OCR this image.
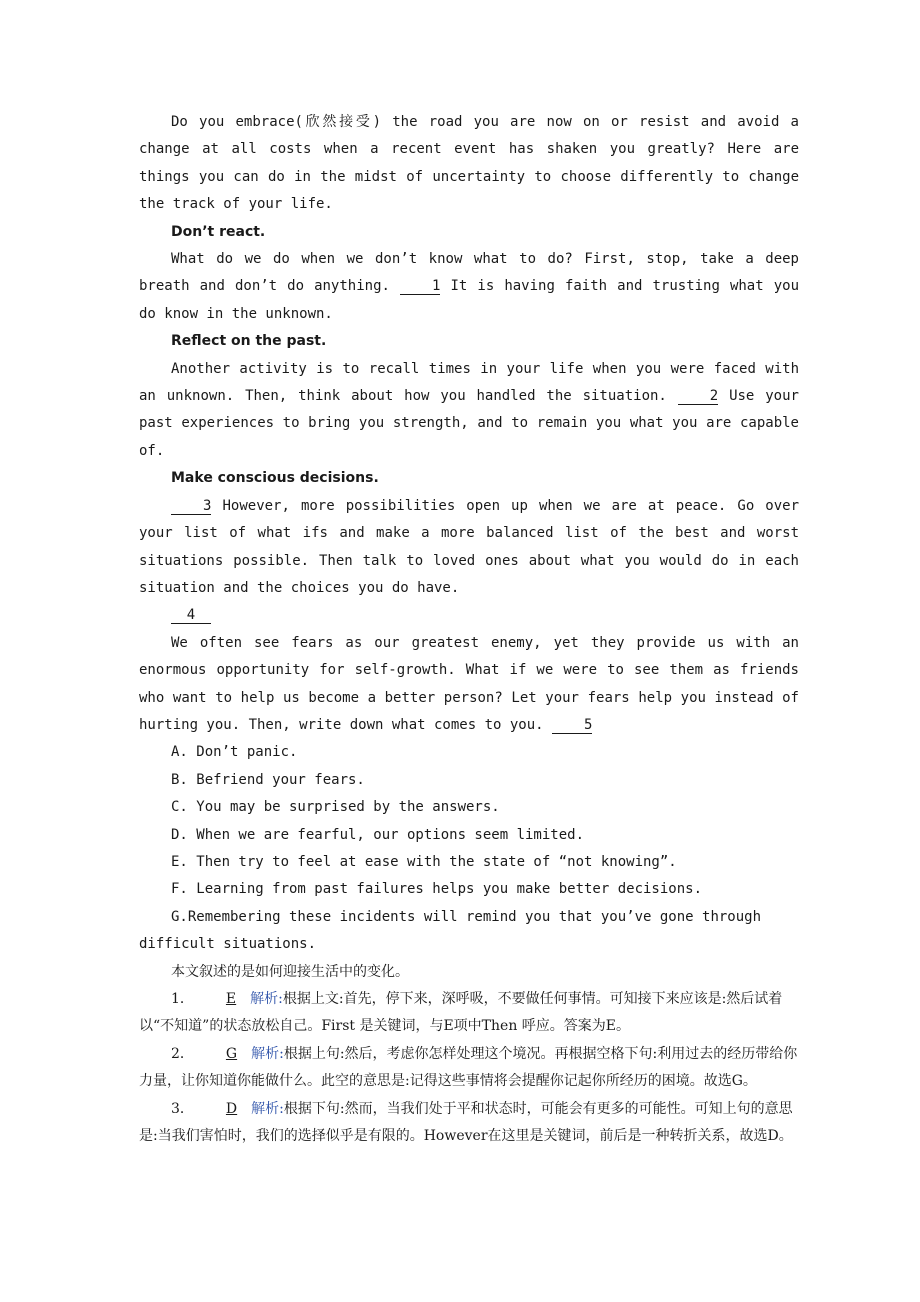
Do you embrace(欣然接受) the road you are now on or resist and avoid a change at all costs when a recent event has shaken you greatly? Here are things you can do in the midst of uncertainty to choose differently to change the track of your life.

Don’t react.

What do we do when we don’t know what to do? First, stop, take a deep breath and don’t do anything.	1 It is having faith and trusting what you do know in the unknown.

Reflect on the past.

Another activity is to recall times in your life when you were faced with an unknown. Then, think about how you handled the situation.	2 Use your past experiences to bring you strength, and to remain you what you are capable of.

Make conscious decisions.

3 However, more possibilities open up when we are at peace. Go over your list of what ifs and make a more balanced list of the best and worst situations possible. Then talk to loved ones about what you would do in each situation and the choices you do have.

4

We often see fears as our greatest enemy, yet they provide us with an enormous opportunity for self-growth. What if we were to see them as friends who want to help us become a better person? Let your fears help you instead of hurting you. Then, write down what comes to you.	5

A. Don’t panic.

B. Befriend your fears.

C. You may be surprised by the answers.

D. When we are fearful, our options seem limited.

E. Then try to feel at ease with the state of “not knowing”.

F. Learning from past failures helps you make better decisions.

G.Remembering these incidents will remind you that you’ve gone through difficult situations.

本文叙述的是如何迎接生活中的变化。

1． E　 解析:根据上文:首先，停下来，深呼吸，不要做任何事情。可知接下来应该是:然后试着以“不知道”的状态放松自己。First 是关键词，与E项中Then 呼应。答案为E。

2． G　 解析:根据上句:然后，考虑你怎样处理这个境况。再根据空格下句:利用过去的经历带给你力量，让你知道你能做什么。此空的意思是:记得这些事情将会提醒你记起你所经历的困境。故选G。

3． D　 解析:根据下句:然而，当我们处于平和状态时，可能会有更多的可能性。可知上句的意思是:当我们害怕时，我们的选择似乎是有限的。However在这里是关键词，前后是一种转折关系，故选D。
